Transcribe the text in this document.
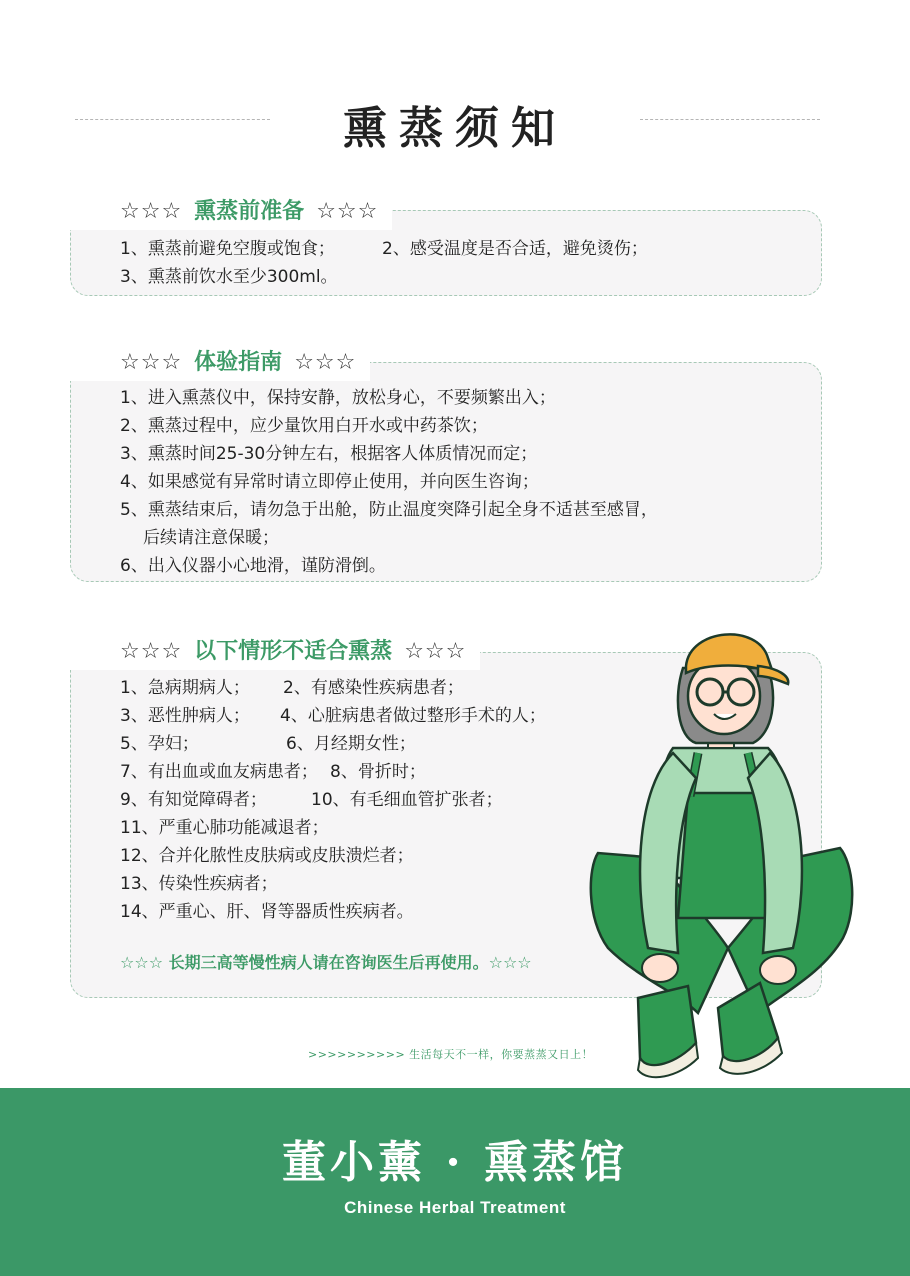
熏蒸须知
☆☆☆ 熏蒸前准备 ☆☆☆
1、熏蒸前避免空腹或饱食；	2、感受温度是否合适，避免烫伤；
3、熏蒸前饮水至少300ml。
☆☆☆ 体验指南 ☆☆☆
1、进入熏蒸仪中，保持安静，放松身心，不要频繁出入；
2、熏蒸过程中，应少量饮用白开水或中药茶饮；
3、熏蒸时间25-30分钟左右，根据客人体质情况而定；
4、如果感觉有异常时请立即停止使用，并向医生咨询；
5、熏蒸结束后，请勿急于出舱，防止温度突降引起全身不适甚至感冒，
后续请注意保暖；
6、出入仪器小心地滑，谨防滑倒。
☆☆☆ 以下情形不适合熏蒸 ☆☆☆
1、急病期病人； 2、有感染性疾病患者；
3、恶性肿病人； 4、心脏病患者做过整形手术的人；
5、孕妇；	6、月经期女性；
7、有出血或血友病患者； 8、骨折时；
9、有知觉障碍者；	10、有毛细血管扩张者；
11、严重心肺功能减退者；
12、合并化脓性皮肤病或皮肤溃烂者；
13、传染性疾病者；
14、严重心、肝、肾等器质性疾病者。
☆☆☆ 长期三高等慢性病人请在咨询医生后再使用。☆☆☆
>>>>>>>>>> 生活每天不一样，你要蒸蒸又日上！
董小薰 · 熏蒸馆
Chinese Herbal Treatment
